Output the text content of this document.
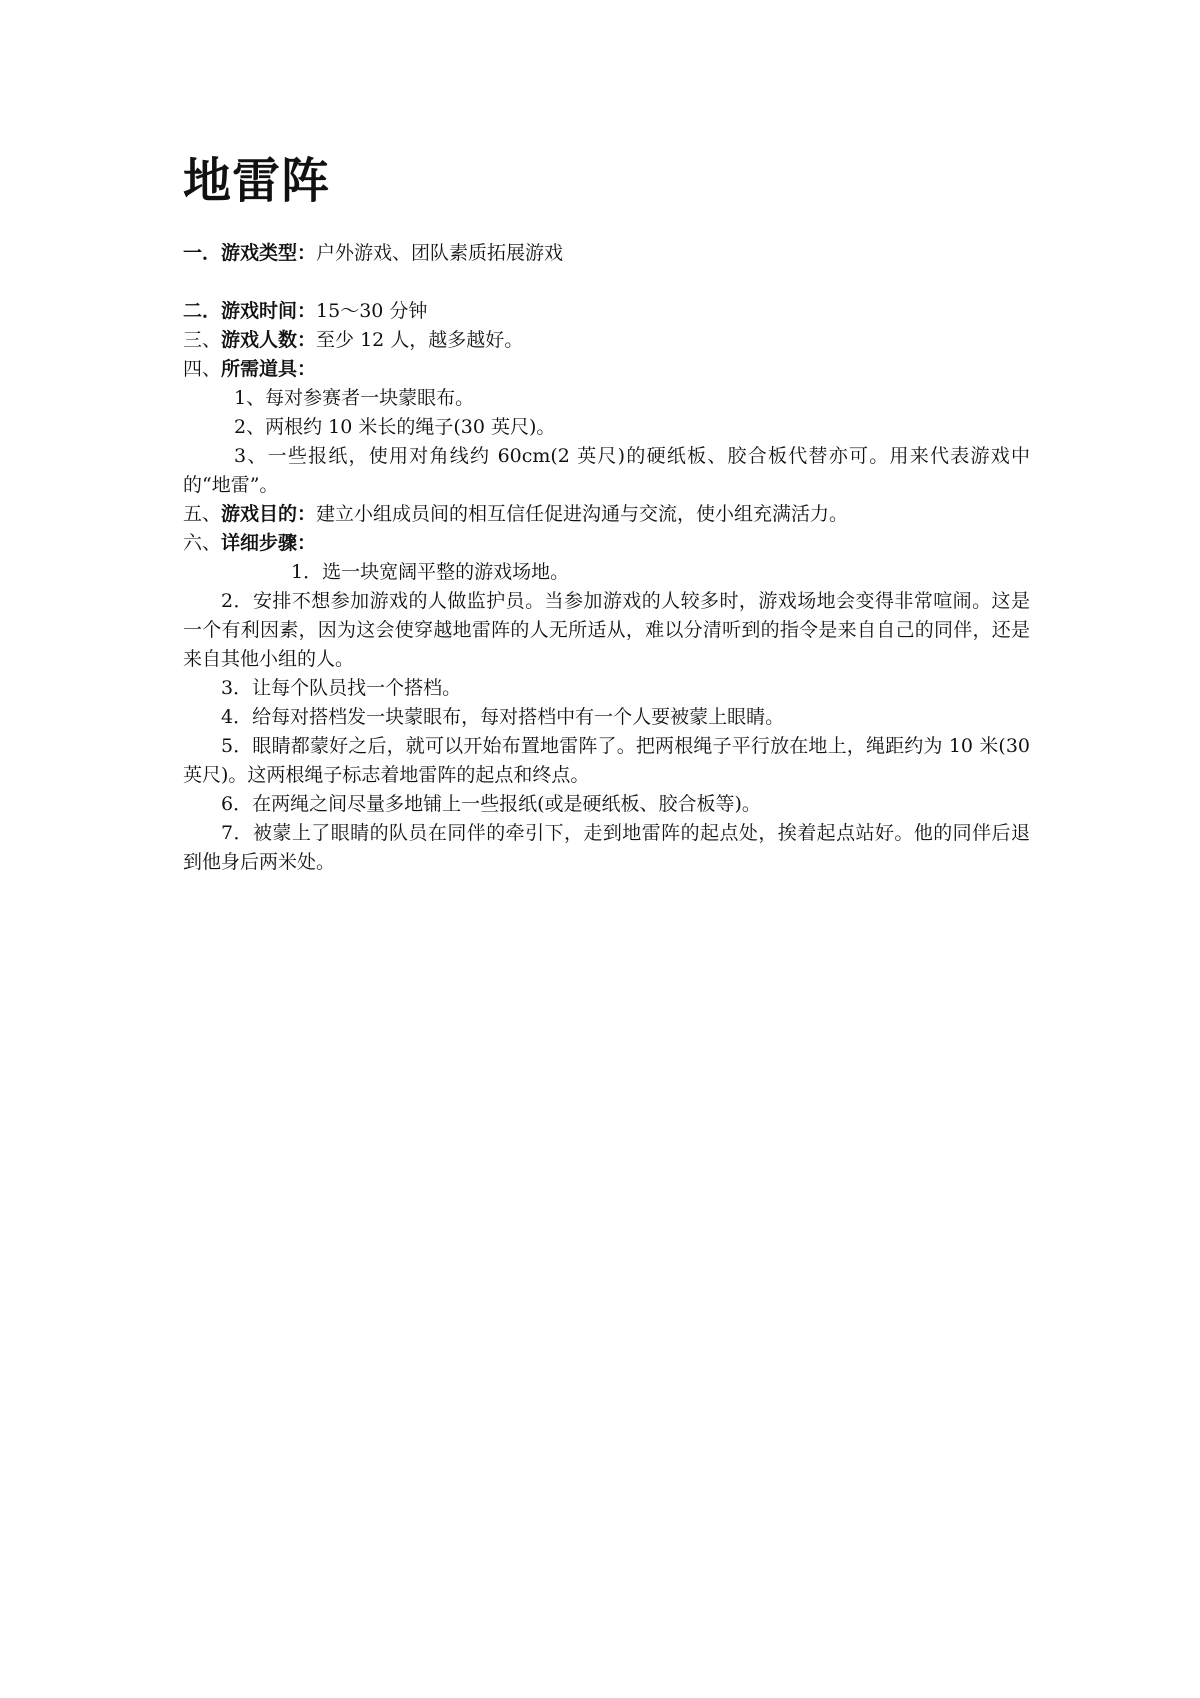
地雷阵

一．游戏类型：户外游戏、团队素质拓展游戏

二．游戏时间：15～30 分钟

三、游戏人数：至少 12 人，越多越好。

四、所需道具：

1、每对参赛者一块蒙眼布。

2、两根约 10 米长的绳子(30 英尺)。

3、一些报纸，使用对角线约 60cm(2 英尺)的硬纸板、胶合板代替亦可。用来代表游戏中的“地雷”。

五、游戏目的：建立小组成员间的相互信任促进沟通与交流，使小组充满活力。

六、详细步骤：

1．选一块宽阔平整的游戏场地。

2．安排不想参加游戏的人做监护员。当参加游戏的人较多时，游戏场地会变得非常喧闹。这是一个有利因素，因为这会使穿越地雷阵的人无所适从，难以分清听到的指令是来自自己的同伴，还是来自其他小组的人。

3．让每个队员找一个搭档。

4．给每对搭档发一块蒙眼布，每对搭档中有一个人要被蒙上眼睛。

5．眼睛都蒙好之后，就可以开始布置地雷阵了。把两根绳子平行放在地上，绳距约为 10 米(30 英尺)。这两根绳子标志着地雷阵的起点和终点。

6．在两绳之间尽量多地铺上一些报纸(或是硬纸板、胶合板等)。

7．被蒙上了眼睛的队员在同伴的牵引下，走到地雷阵的起点处，挨着起点站好。他的同伴后退到他身后两米处。
